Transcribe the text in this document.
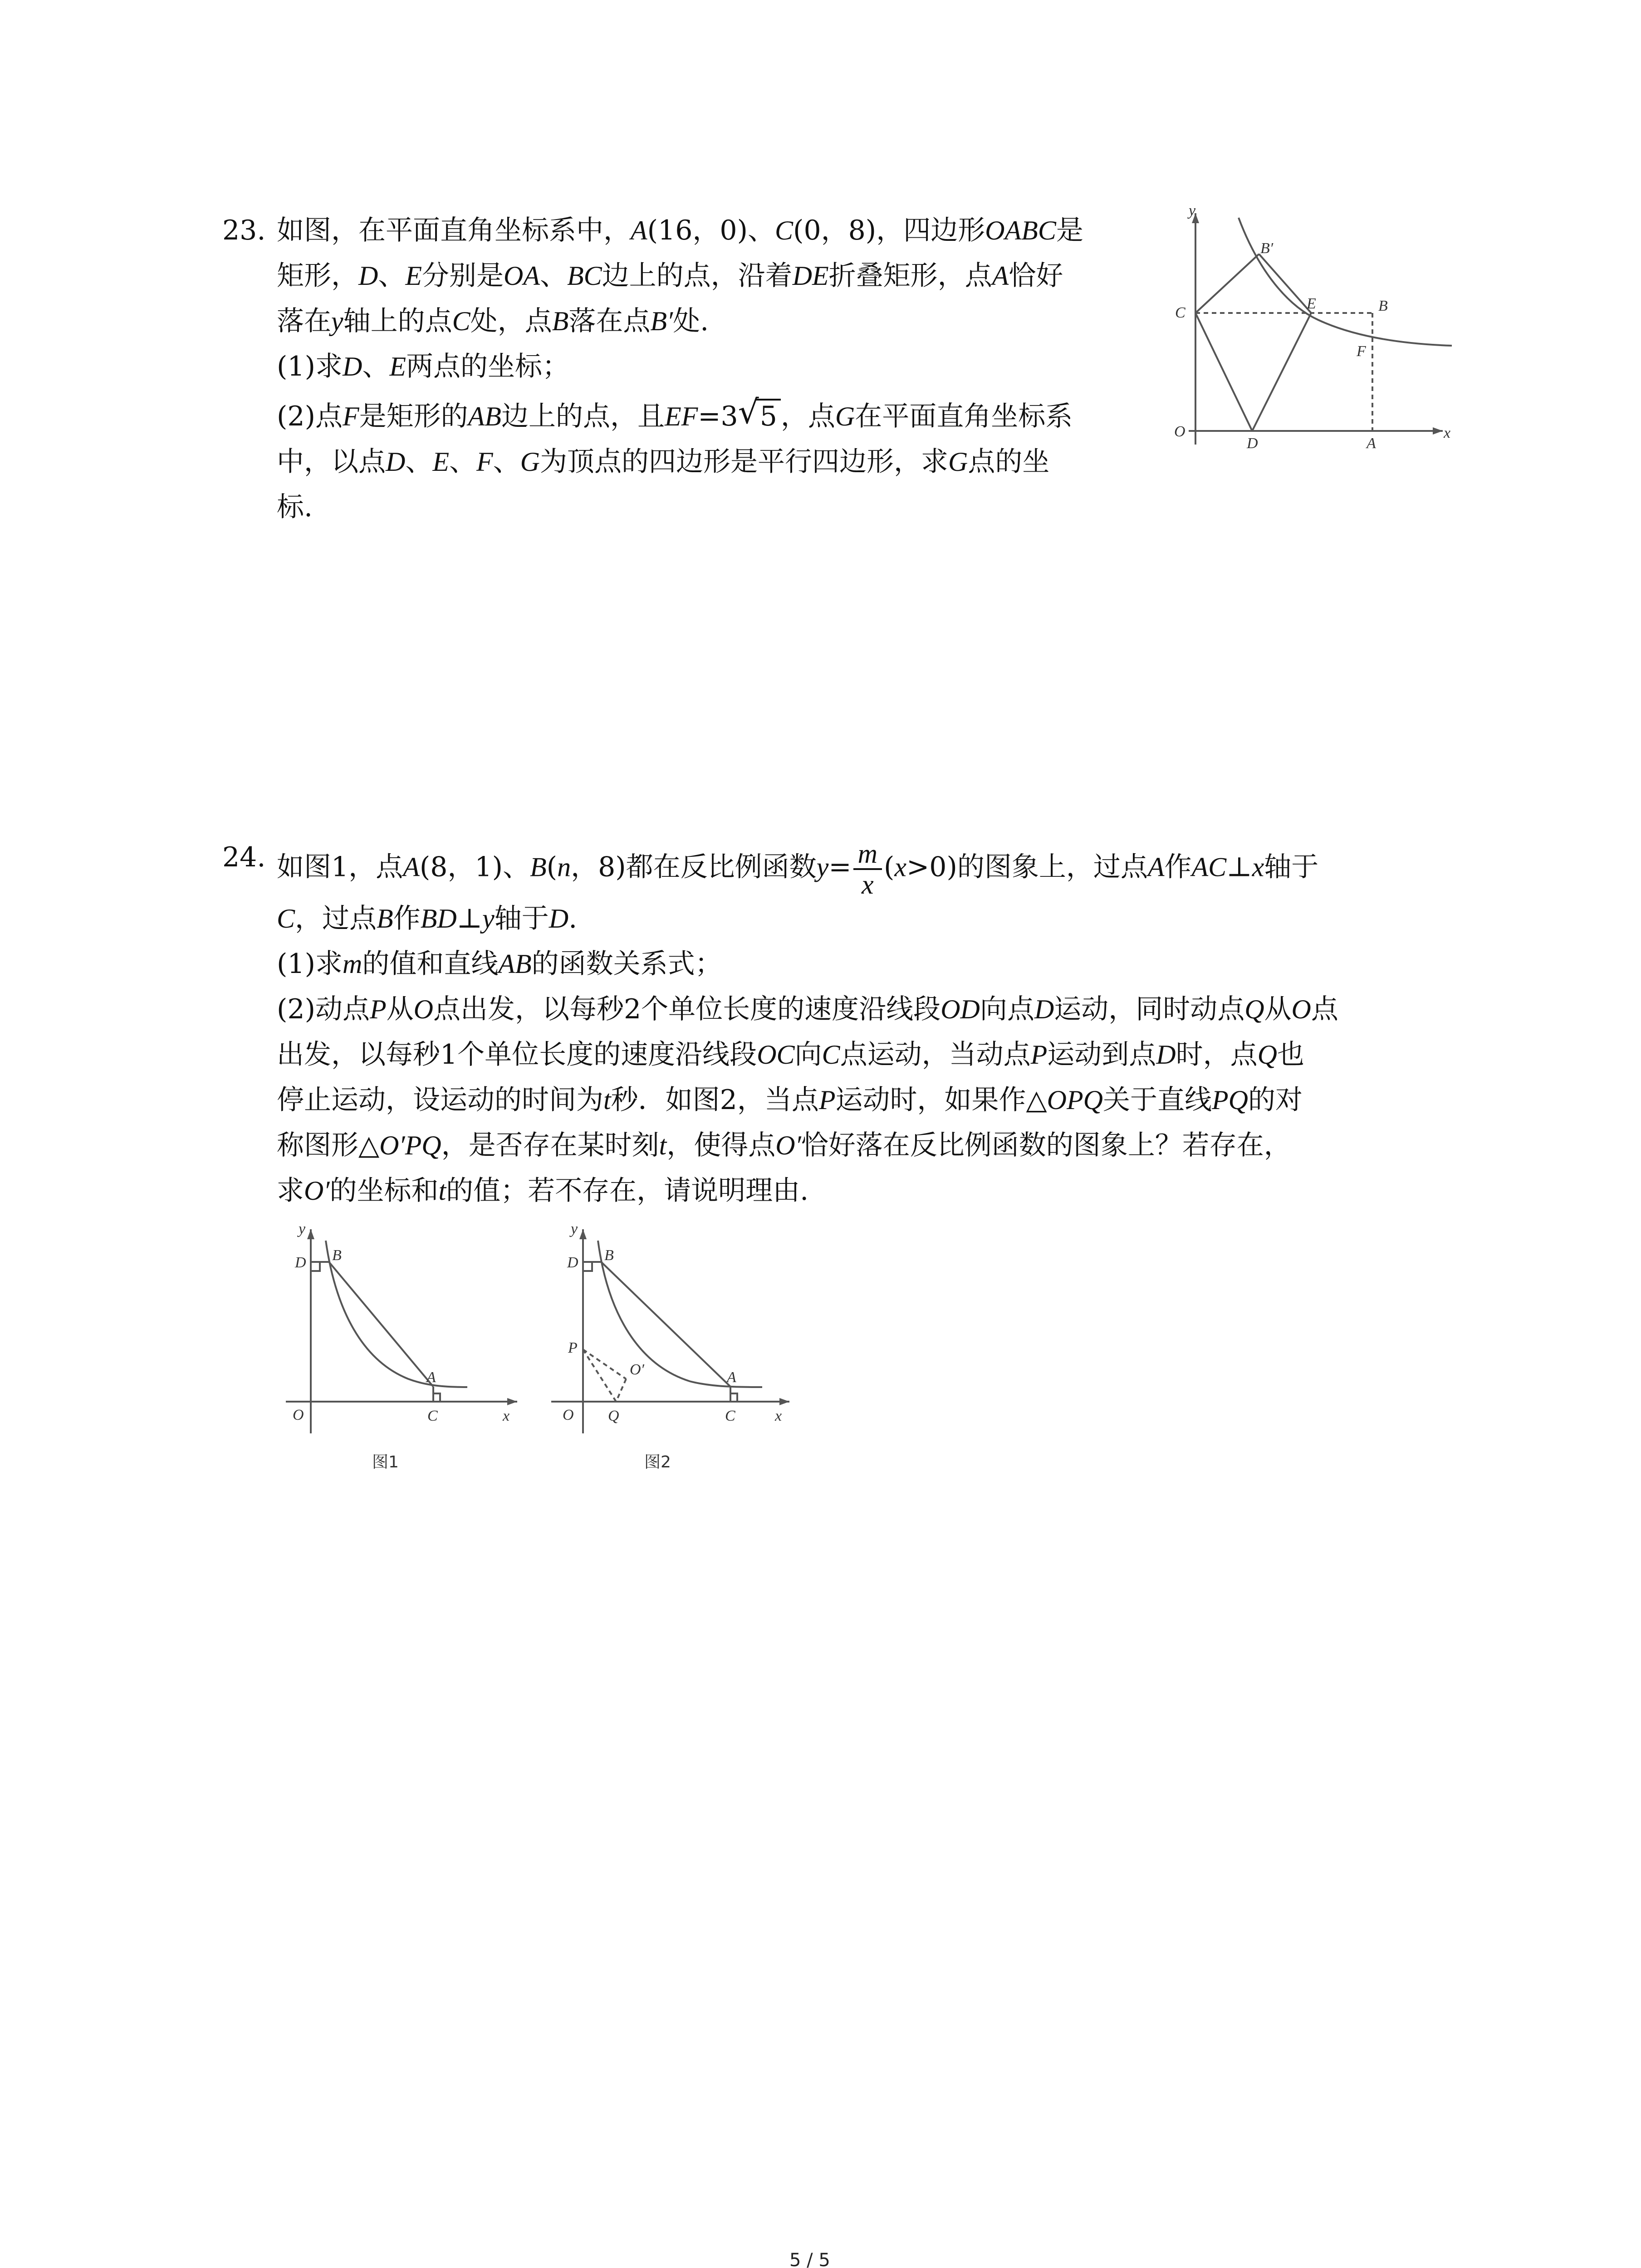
23. 如图，在平面直角坐标系中，A(16，0)、C(0，8)，四边形OABC是
矩形，D、E分别是OA、BC边上的点，沿着DE折叠矩形，点A恰好
落在y轴上的点C处，点B落在点B′处.
(1)求D、E两点的坐标；
(2)点F是矩形的AB边上的点，且EF=3 √ 5 ，点G在平面直角坐标系
中，以点D、E、F、G为顶点的四边形是平行四边形，求G点的坐
标.
y
x
O
C
D	A
E	B
B′
F
24. 如图1，点A(8，1)、B(n，8)都在反比例函数$y= \frac{m}{x} (x>0)$的图象上，过点A作AC⊥x轴于
C，过点B作BD⊥y轴于D.
(1)求m的值和直线AB的函数关系式；
(2)动点P从O点出发，以每秒2个单位长度的速度沿线段OD向点D运动，同时动点Q从O点
出发，以每秒1个单位长度的速度沿线段OC向C点运动，当动点P运动到点D时，点Q也
停止运动，设运动的时间为t秒．如图2，当点P运动时，如果作△OPQ关于直线PQ的对
称图形△O′PQ，是否存在某时刻t，使得点O′恰好落在反比例函数的图象上？若存在，
求O′的坐标和t的值；若不存在，请说明理由.
y
x
O
D B
A
C
图1
y
x
O
D B
A
C
P
Q
O′
图2
5 / 5
